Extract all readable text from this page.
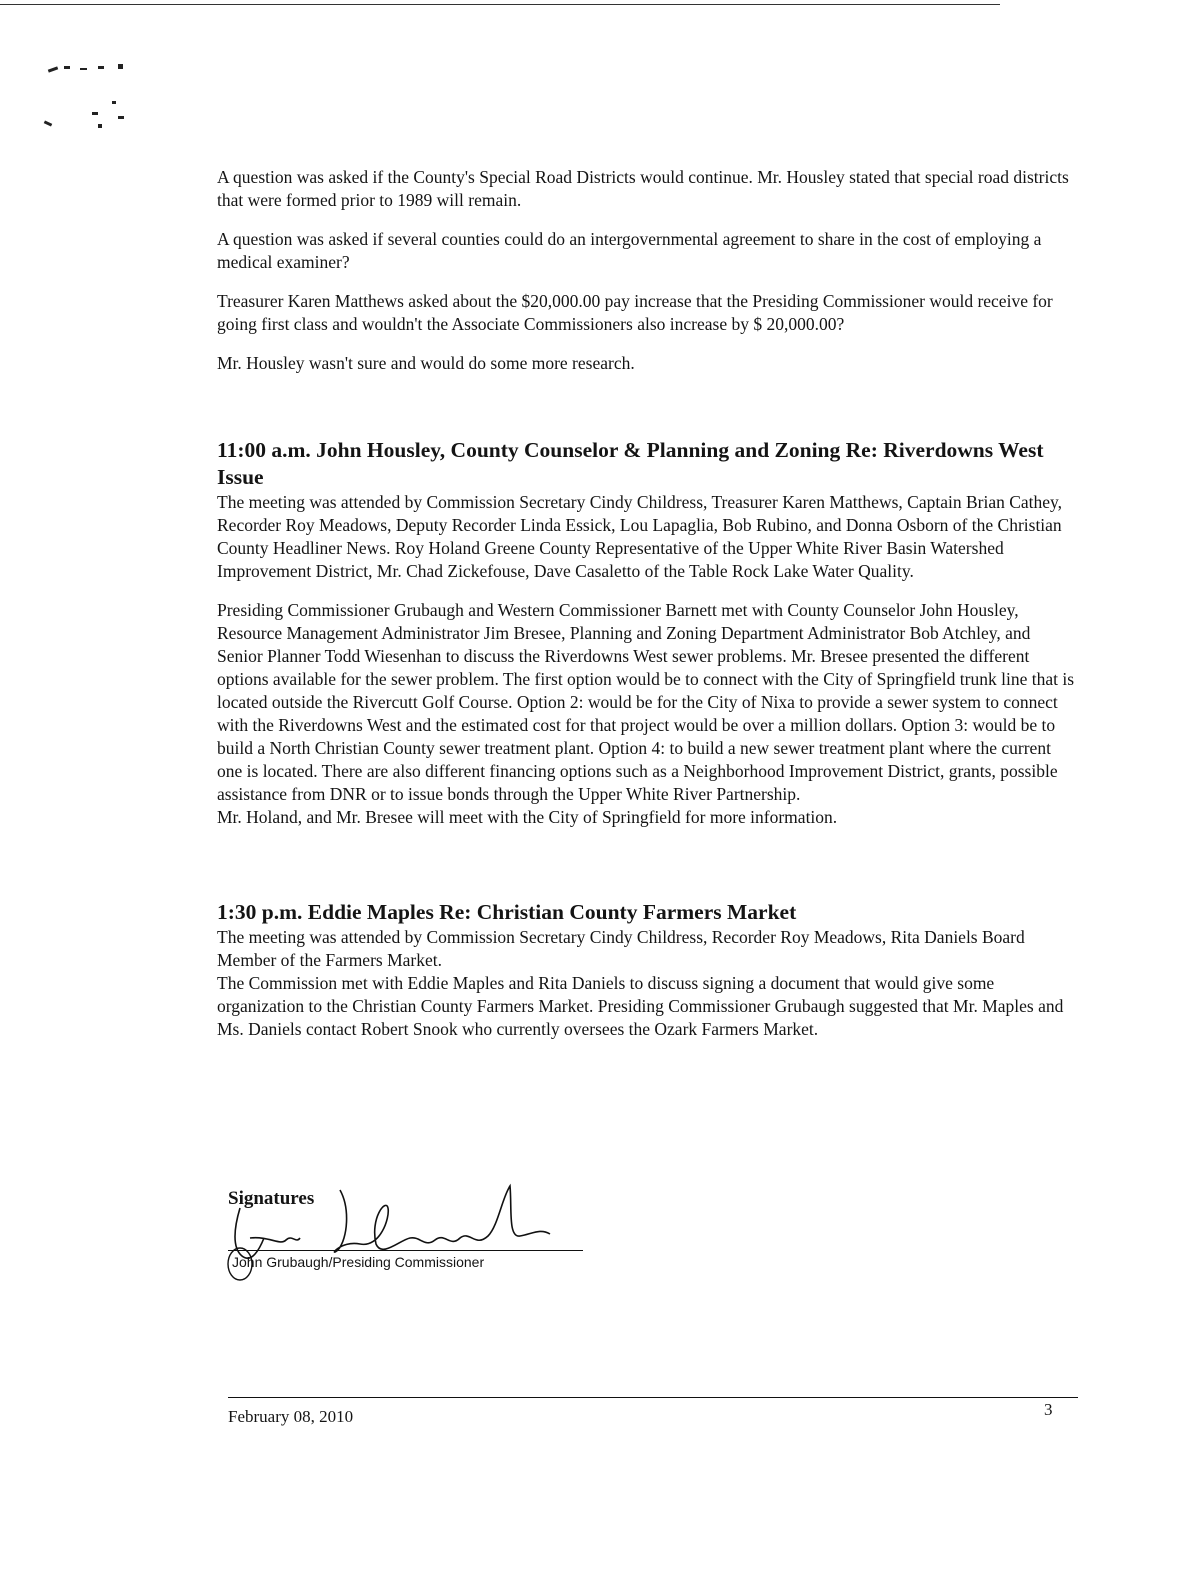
A question was asked if the County's Special Road Districts would continue. Mr. Housley stated that special road districts that were formed prior to 1989 will remain.

A question was asked if several counties could do an intergovernmental agreement to share in the cost of employing a medical examiner?

Treasurer Karen Matthews asked about the $20,000.00 pay increase that the Presiding Commissioner would receive for going first class and wouldn't the Associate Commissioners also increase by $ 20,000.00?

Mr. Housley wasn't sure and would do some more research.

11:00 a.m. John Housley, County Counselor & Planning and Zoning Re: Riverdowns West Issue

The meeting was attended by Commission Secretary Cindy Childress, Treasurer Karen Matthews, Captain Brian Cathey, Recorder Roy Meadows, Deputy Recorder Linda Essick, Lou Lapaglia, Bob Rubino, and Donna Osborn of the Christian County Headliner News. Roy Holand Greene County Representative of the Upper White River Basin Watershed Improvement District, Mr. Chad Zickefouse, Dave Casaletto of the Table Rock Lake Water Quality.

Presiding Commissioner Grubaugh and Western Commissioner Barnett met with County Counselor John Housley, Resource Management Administrator Jim Bresee, Planning and Zoning Department Administrator Bob Atchley, and Senior Planner Todd Wiesenhan to discuss the Riverdowns West sewer problems. Mr. Bresee presented the different options available for the sewer problem. The first option would be to connect with the City of Springfield trunk line that is located outside the Rivercutt Golf Course. Option 2: would be for the City of Nixa to provide a sewer system to connect with the Riverdowns West and the estimated cost for that project would be over a million dollars. Option 3: would be to build a North Christian County sewer treatment plant. Option 4: to build a new sewer treatment plant where the current one is located. There are also different financing options such as a Neighborhood Improvement District, grants, possible assistance from DNR or to issue bonds through the Upper White River Partnership.

Mr. Holand, and Mr. Bresee will meet with the City of Springfield for more information.

1:30 p.m. Eddie Maples Re: Christian County Farmers Market

The meeting was attended by Commission Secretary Cindy Childress, Recorder Roy Meadows, Rita Daniels Board Member of the Farmers Market.

The Commission met with Eddie Maples and Rita Daniels to discuss signing a document that would give some organization to the Christian County Farmers Market. Presiding Commissioner Grubaugh suggested that Mr. Maples and Ms. Daniels contact Robert Snook who currently oversees the Ozark Farmers Market.

Signatures
John Grubaugh/Presiding Commissioner
February 08, 2010	3
